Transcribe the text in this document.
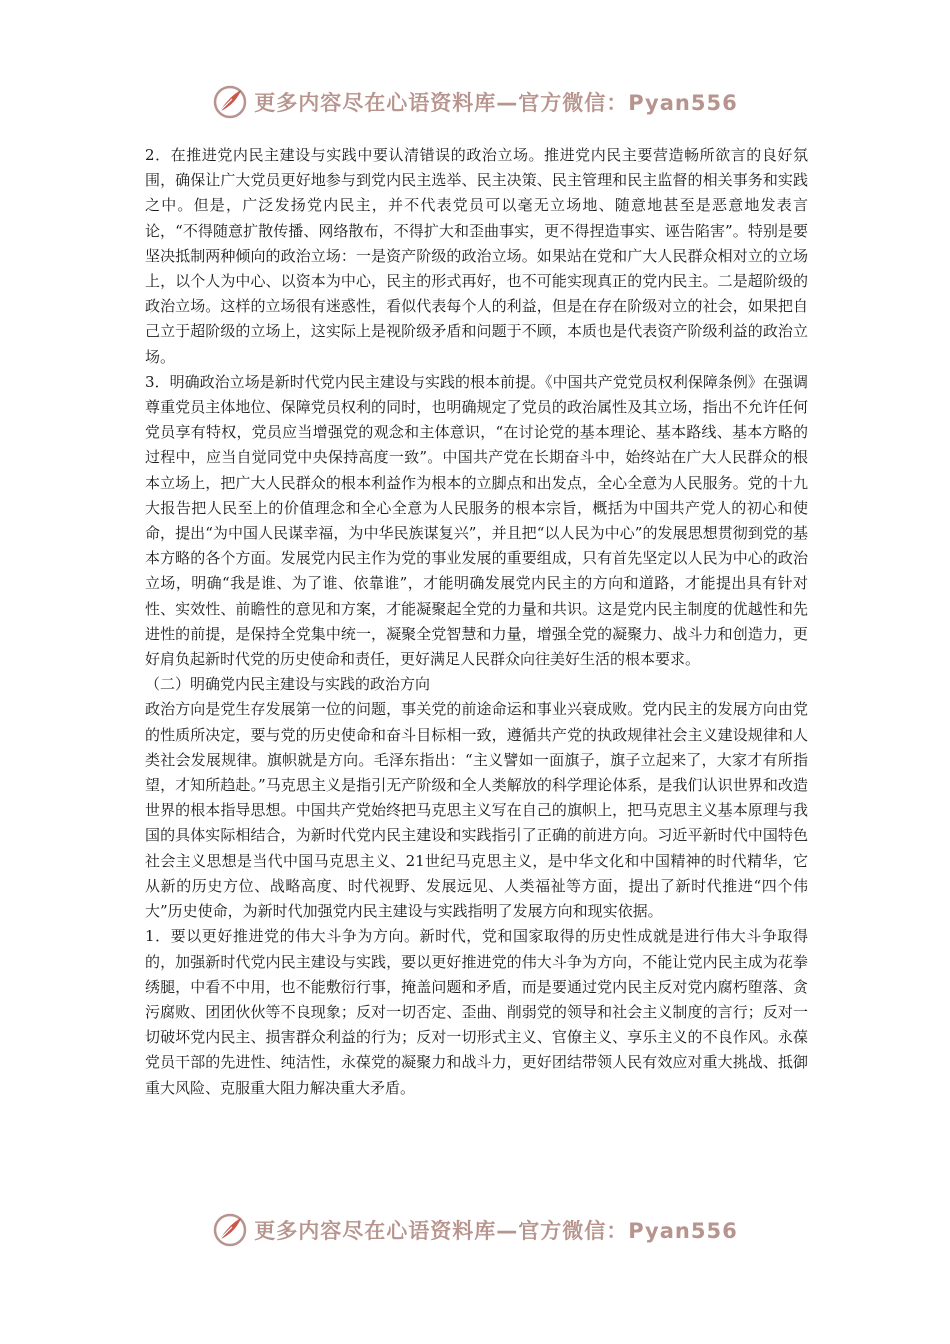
更多内容尽在心语资料库—官方微信：Pyan556

2．在推进党内民主建设与实践中要认清错误的政治立场。推进党内民主要营造畅所欲言的良好氛围，确保让广大党员更好地参与到党内民主选举、民主决策、民主管理和民主监督的相关事务和实践之中。但是，广泛发扬党内民主，并不代表党员可以毫无立场地、随意地甚至是恶意地发表言论，“不得随意扩散传播、网络散布，不得扩大和歪曲事实，更不得捏造事实、诬告陷害”。特别是要坚决抵制两种倾向的政治立场：一是资产阶级的政治立场。如果站在党和广大人民群众相对立的立场上，以个人为中心、以资本为中心，民主的形式再好，也不可能实现真正的党内民主。二是超阶级的政治立场。这样的立场很有迷惑性，看似代表每个人的利益，但是在存在阶级对立的社会，如果把自己立于超阶级的立场上，这实际上是视阶级矛盾和问题于不顾，本质也是代表资产阶级利益的政治立场。

3．明确政治立场是新时代党内民主建设与实践的根本前提。《中国共产党党员权利保障条例》在强调尊重党员主体地位、保障党员权利的同时，也明确规定了党员的政治属性及其立场，指出不允许任何党员享有特权，党员应当增强党的观念和主体意识，“在讨论党的基本理论、基本路线、基本方略的过程中，应当自觉同党中央保持高度一致”。中国共产党在长期奋斗中，始终站在广大人民群众的根本立场上，把广大人民群众的根本利益作为根本的立脚点和出发点，全心全意为人民服务。党的十九大报告把人民至上的价值理念和全心全意为人民服务的根本宗旨，概括为中国共产党人的初心和使命，提出“为中国人民谋幸福，为中华民族谋复兴”，并且把“以人民为中心”的发展思想贯彻到党的基本方略的各个方面。发展党内民主作为党的事业发展的重要组成，只有首先坚定以人民为中心的政治立场，明确“我是谁、为了谁、依靠谁”，才能明确发展党内民主的方向和道路，才能提出具有针对性、实效性、前瞻性的意见和方案，才能凝聚起全党的力量和共识。这是党内民主制度的优越性和先进性的前提，是保持全党集中统一，凝聚全党智慧和力量，增强全党的凝聚力、战斗力和创造力，更好肩负起新时代党的历史使命和责任，更好满足人民群众向往美好生活的根本要求。

（二）明确党内民主建设与实践的政治方向

政治方向是党生存发展第一位的问题，事关党的前途命运和事业兴衰成败。党内民主的发展方向由党的性质所决定，要与党的历史使命和奋斗目标相一致，遵循共产党的执政规律社会主义建设规律和人类社会发展规律。旗帜就是方向。毛泽东指出：“主义譬如一面旗子，旗子立起来了，大家才有所指望，才知所趋赴。”马克思主义是指引无产阶级和全人类解放的科学理论体系，是我们认识世界和改造世界的根本指导思想。中国共产党始终把马克思主义写在自己的旗帜上，把马克思主义基本原理与我国的具体实际相结合，为新时代党内民主建设和实践指引了正确的前进方向。习近平新时代中国特色社会主义思想是当代中国马克思主义、21世纪马克思主义，是中华文化和中国精神的时代精华，它从新的历史方位、战略高度、时代视野、发展远见、人类福祉等方面，提出了新时代推进“四个伟大”历史使命，为新时代加强党内民主建设与实践指明了发展方向和现实依据。

1．要以更好推进党的伟大斗争为方向。新时代，党和国家取得的历史性成就是进行伟大斗争取得的，加强新时代党内民主建设与实践，要以更好推进党的伟大斗争为方向，不能让党内民主成为花拳绣腿，中看不中用，也不能敷衍行事，掩盖问题和矛盾，而是要通过党内民主反对党内腐朽堕落、贪污腐败、团团伙伙等不良现象；反对一切否定、歪曲、削弱党的领导和社会主义制度的言行；反对一切破坏党内民主、损害群众利益的行为；反对一切形式主义、官僚主义、享乐主义的不良作风。永葆党员干部的先进性、纯洁性，永葆党的凝聚力和战斗力，更好团结带领人民有效应对重大挑战、抵御重大风险、克服重大阻力解决重大矛盾。

更多内容尽在心语资料库—官方微信：Pyan556
